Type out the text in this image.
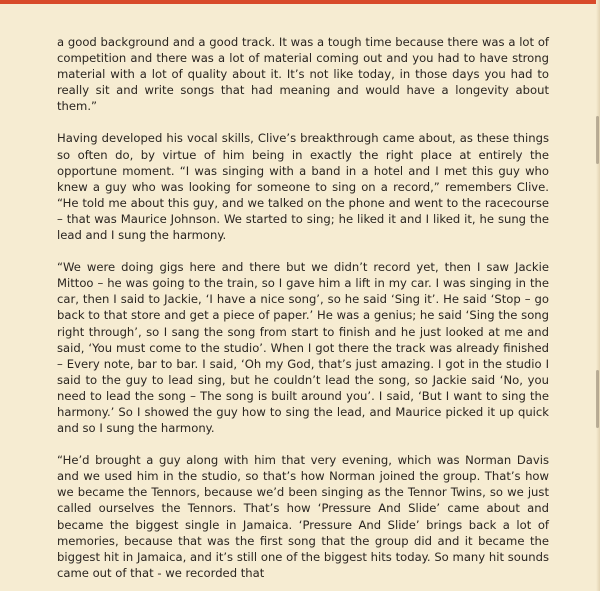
a good background and a good track. It was a tough time because there was a lot of competition and there was a lot of material coming out and you had to have strong material with a lot of quality about it. It’s not like today, in those days you had to really sit and write songs that had meaning and would have a longevity about them.”

Having developed his vocal skills, Clive’s breakthrough came about, as these things so often do, by virtue of him being in exactly the right place at entirely the opportune moment. “I was singing with a band in a hotel and I met this guy who knew a guy who was looking for someone to sing on a record,” remembers Clive. “He told me about this guy, and we talked on the phone and went to the racecourse – that was Maurice Johnson. We started to sing; he liked it and I liked it, he sung the lead and I sung the harmony.

“We were doing gigs here and there but we didn’t record yet, then I saw Jackie Mittoo – he was going to the train, so I gave him a lift in my car. I was singing in the car, then I said to Jackie, ‘I have a nice song’, so he said ‘Sing it’. He said ‘Stop – go back to that store and get a piece of paper.’ He was a genius; he said ‘Sing the song right through’, so I sang the song from start to finish and he just looked at me and said, ‘You must come to the studio’. When I got there the track was already finished – Every note, bar to bar. I said, ‘Oh my God, that’s just amazing. I got in the studio I said to the guy to lead sing, but he couldn’t lead the song, so Jackie said ‘No, you need to lead the song – The song is built around you’. I said, ‘But I want to sing the harmony.’ So I showed the guy how to sing the lead, and Maurice picked it up quick and so I sung the harmony.

“He’d brought a guy along with him that very evening, which was Norman Davis and we used him in the studio, so that’s how Norman joined the group. That’s how we became the Tennors, because we’d been singing as the Tennor Twins, so we just called ourselves the Tennors. That’s how ‘Pressure And Slide’ came about and became the biggest single in Jamaica. ‘Pressure And Slide’ brings back a lot of memories, because that was the first song that the group did and it became the biggest hit in Jamaica, and it’s still one of the biggest hits today. So many hit sounds came out of that - we recorded that
